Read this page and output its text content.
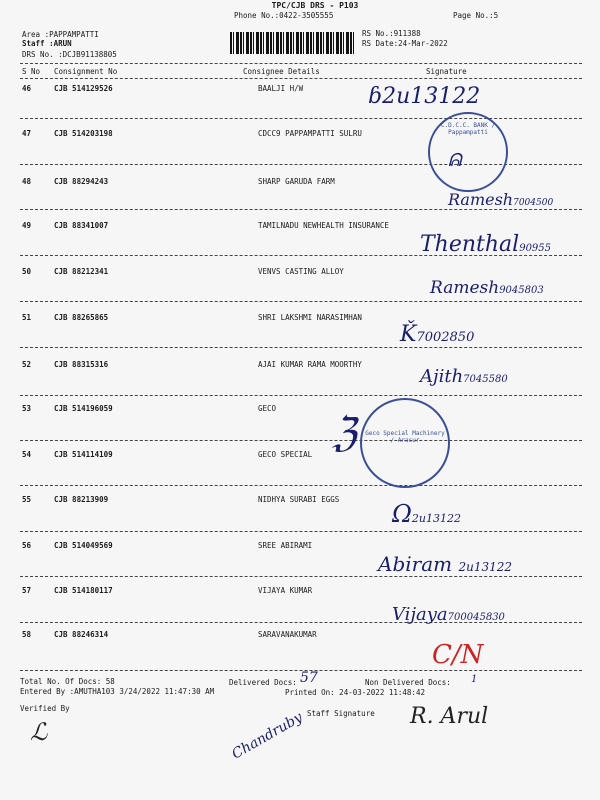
TPC/CJB DRS - P103
Phone No.:0422-3505555	Page No.:5
Area :PAPPAMPATTI
Staff :ARUN
DRS No. :DCJB91138805
RS No.:911388
RS Date:24-Mar-2022
S No Consignment No	Consignee Details	Signature
46	CJB 514129526	BAALJI H/W
47	CJB 514203198	CDCC9 PAPPAMPATTI SULRU
48	CJB 88294243	SHARP GARUDA FARM
49	CJB 88341007	TAMILNADU NEWHEALTH INSURANCE
50	CJB 88212341	VENVS CASTING ALLOY
51	CJB 88265865	SHRI LAKSHMI NARASIMHAN
52	CJB 88315316	AJAI KUMAR RAMA MOORTHY
53	CJB 514196059	GECO
54	CJB 514114109	GECO SPECIAL
55	CJB 88213909	NIDHYA SURABI EGGS
56	CJB 514049569	SREE ABIRAMI
57	CJB 514180117	VIJAYA KUMAR
58	CJB 88246314	SARAVANAKUMAR
Total No. Of Docs: 58	Delivered Docs: 57	Non Delivered Docs: 1
Entered By :AMUTHA103 3/24/2022 11:47:30 AM	Printed On: 24-03-2022 11:48:42
Verified By
Staff Signature
ɓ2u13122
ᕱ
C.D.C.C. BANK / Pappampatti
Ramesh7004500
Thenthal90955
Ramesh9045803
Ǩ7002850
Ajith7045580
Geco Special Machinery / Arasur
ℨ
Ω2u13122
Abiram 2u13122
Vijaya700045830
C/N
ℒ	Chandruby	R. Arul
